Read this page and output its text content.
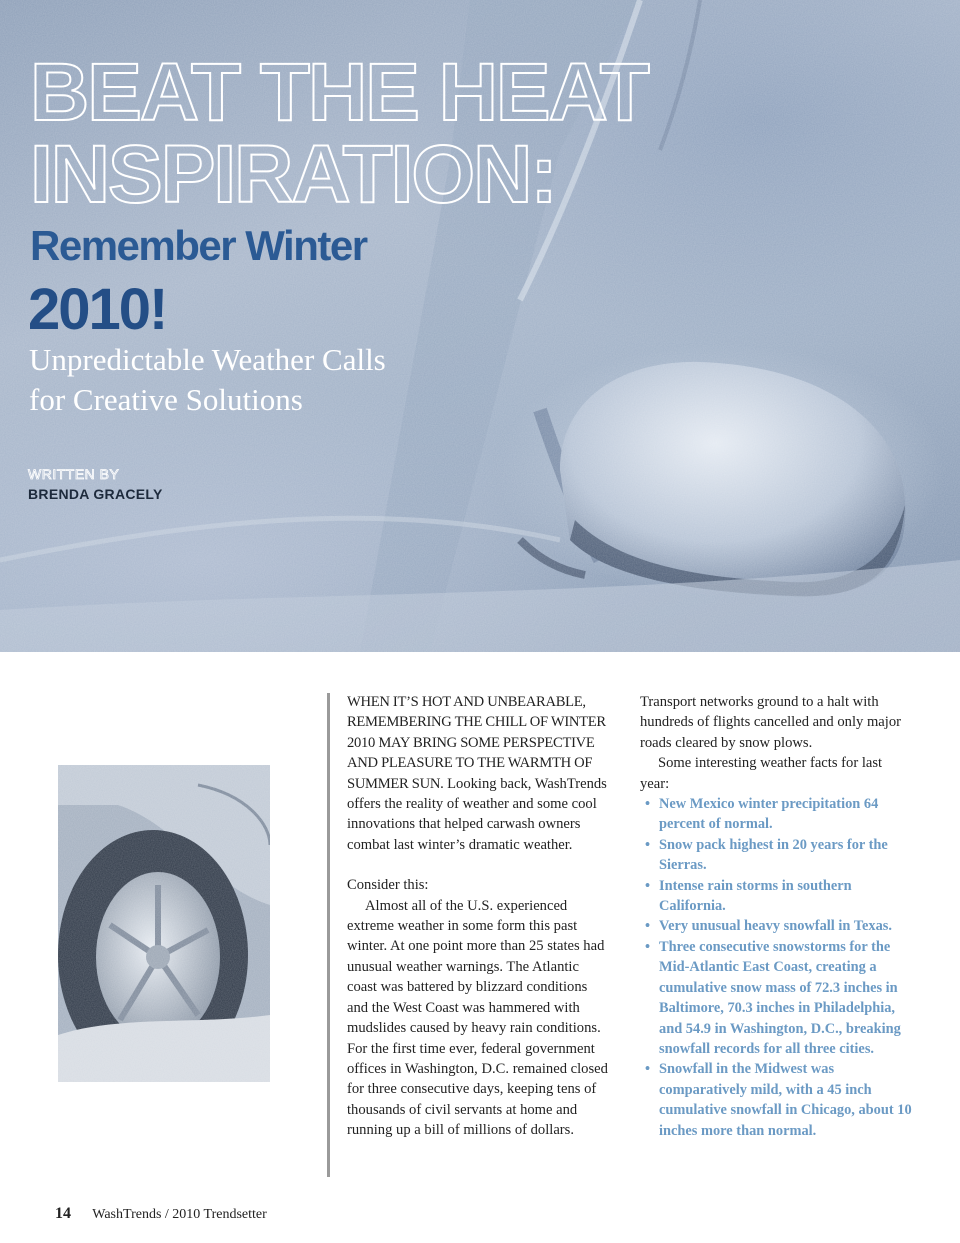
BEAT THE HEAT
INSPIRATION:
Remember Winter
2010!

Unpredictable Weather Calls for Creative Solutions

WRITTEN BY
BRENDA GRACELY

WHEN IT’S HOT AND UNBEARABLE, REMEMBERING THE CHILL OF WINTER 2010 MAY BRING SOME PERSPECTIVE AND PLEASURE TO THE WARMTH OF SUMMER SUN. Looking back, WashTrends offers the reality of weather and some cool innovations that helped carwash owners combat last winter’s dramatic weather.

Consider this:

Almost all of the U.S. experienced extreme weather in some form this past winter. At one point more than 25 states had unusual weather warnings. The Atlantic coast was battered by blizzard conditions and the West Coast was hammered with mudslides caused by heavy rain conditions. For the first time ever, federal government offices in Washington, D.C. remained closed for three consecutive days, keeping tens of thousands of civil servants at home and running up a bill of millions of dollars.

Transport networks ground to a halt with hundreds of flights cancelled and only major roads cleared by snow plows.

Some interesting weather facts for last year:

• New Mexico winter precipitation 64 percent of normal.
• Snow pack highest in 20 years for the Sierras.
• Intense rain storms in southern California.
• Very unusual heavy snowfall in Texas.
• Three consecutive snowstorms for the Mid-Atlantic East Coast, creating a cumulative snow mass of 72.3 inches in Baltimore, 70.3 inches in Philadelphia, and 54.9 in Washington, D.C., breaking snowfall records for all three cities.
• Snowfall in the Midwest was comparatively mild, with a 45 inch cumulative snowfall in Chicago, about 10 inches more than normal.
14 WashTrends / 2010 Trendsetter
